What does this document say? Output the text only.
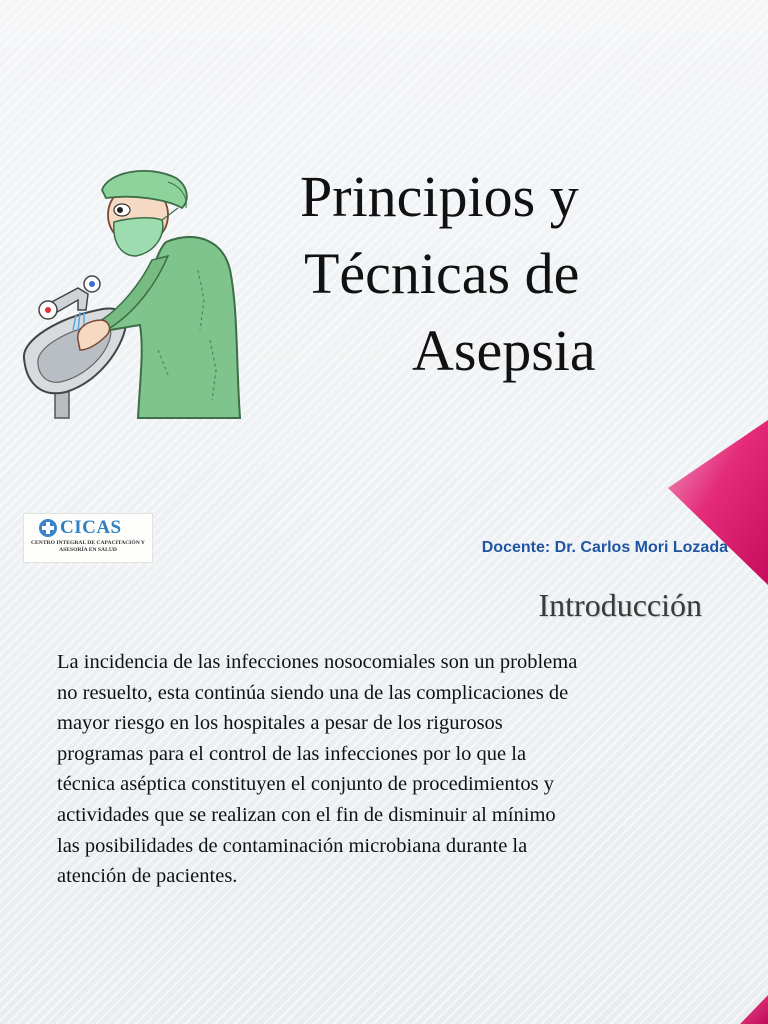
Principios y
Técnicas de
Asepsia
CICAS
CENTRO INTEGRAL DE CAPACITACIÓN Y ASESORÍA EN SALUD	Docente: Dr. Carlos Mori Lozada
Introducción
La incidencia de las infecciones nosocomiales son un problema
no resuelto, esta continúa siendo una de las complicaciones de
mayor riesgo en los hospitales a pesar de los rigurosos
programas para el control de las infecciones por lo que la
técnica aséptica constituyen el conjunto de procedimientos y
actividades que se realizan con el fin de disminuir al mínimo
las posibilidades de contaminación microbiana durante la
atención de pacientes.
